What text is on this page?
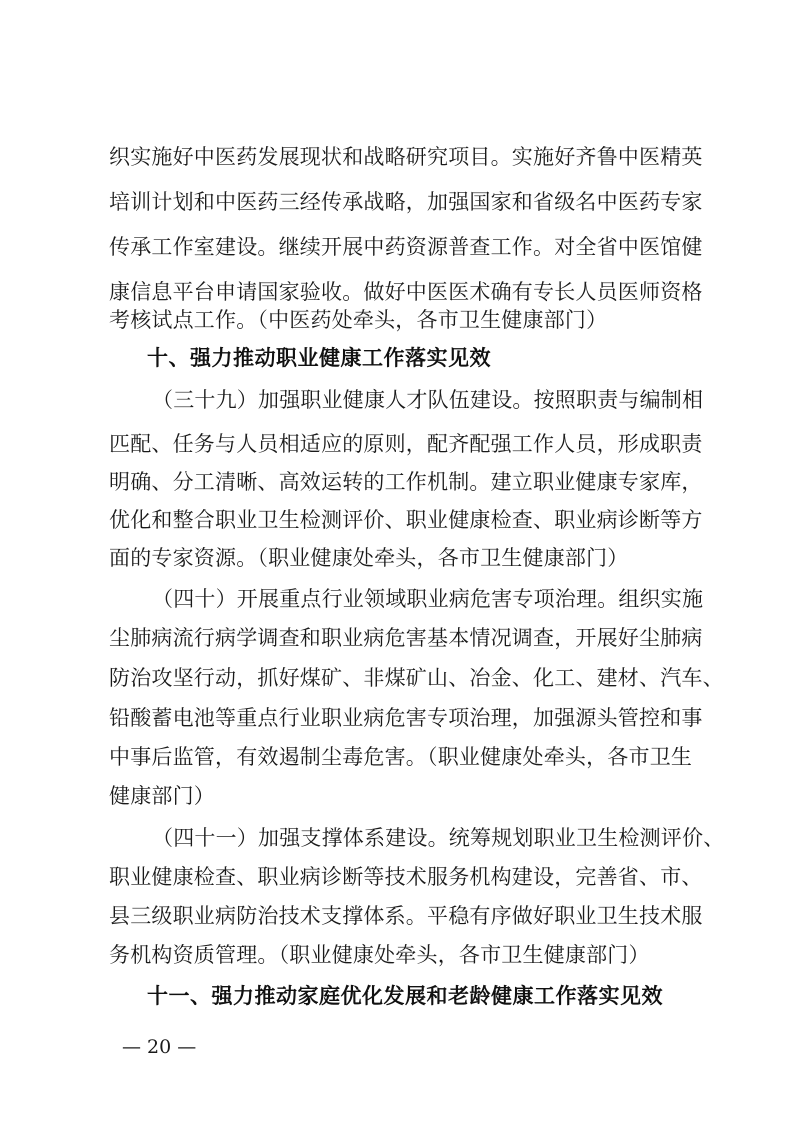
织实施好中医药发展现状和战略研究项目。实施好齐鲁中医精英
培训计划和中医药三经传承战略，加强国家和省级名中医药专家
传承工作室建设。继续开展中药资源普查工作。对全省中医馆健
康信息平台申请国家验收。做好中医医术确有专长人员医师资格
考核试点工作。（中医药处牵头，各市卫生健康部门）
十、强力推动职业健康工作落实见效
（三十九）加强职业健康人才队伍建设。按照职责与编制相
匹配、任务与人员相适应的原则，配齐配强工作人员，形成职责
明确、分工清晰、高效运转的工作机制。建立职业健康专家库，
优化和整合职业卫生检测评价、职业健康检查、职业病诊断等方
面的专家资源。（职业健康处牵头，各市卫生健康部门）
（四十）开展重点行业领域职业病危害专项治理。组织实施
尘肺病流行病学调查和职业病危害基本情况调查，开展好尘肺病
防治攻坚行动，抓好煤矿、非煤矿山、冶金、化工、建材、汽车、
铅酸蓄电池等重点行业职业病危害专项治理，加强源头管控和事
中事后监管，有效遏制尘毒危害。（职业健康处牵头，各市卫生
健康部门）
（四十一）加强支撑体系建设。统筹规划职业卫生检测评价、
职业健康检查、职业病诊断等技术服务机构建设，完善省、市、
县三级职业病防治技术支撑体系。平稳有序做好职业卫生技术服
务机构资质管理。（职业健康处牵头，各市卫生健康部门）
十一、强力推动家庭优化发展和老龄健康工作落实见效
— 20 —
